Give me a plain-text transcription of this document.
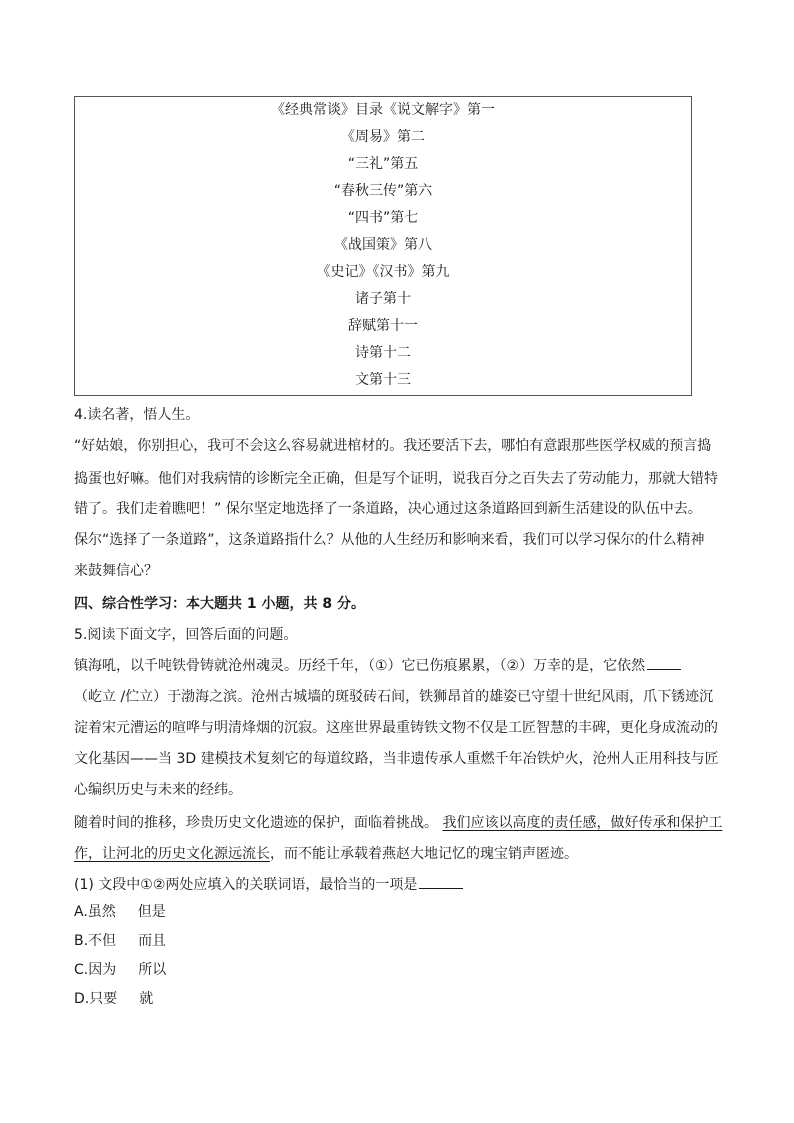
《经典常谈》目录《说文解字》第一
《周易》第二
“三礼”第五
“春秋三传”第六
“四书”第七
《战国策》第八
《史记》《汉书》第九
诸子第十
辞赋第十一
诗第十二
文第十三
4.读名著，悟人生。
“好姑娘，你别担心，我可不会这么容易就进棺材的。我还要活下去，哪怕有意跟那些医学权威的预言捣
捣蛋也好嘛。他们对我病情的诊断完全正确，但是写个证明，说我百分之百失去了劳动能力，那就大错特
错了。我们走着瞧吧！” 保尔坚定地选择了一条道路，决心通过这条道路回到新生活建设的队伍中去。
保尔“选择了一条道路”，这条道路指什么？从他的人生经历和影响来看，我们可以学习保尔的什么精神
来鼓舞信心？
四、综合性学习：本大题共 1 小题，共 8 分。
5.阅读下面文字，回答后面的问题。
镇海吼，以千吨铁骨铸就沧州魂灵。历经千年，（①）它已伤痕累累，（②）万幸的是，它依然
（屹立 /伫立）于渤海之滨。沧州古城墙的斑驳砖石间，铁狮昂首的雄姿已守望十世纪风雨，爪下锈迹沉
淀着宋元漕运的喧哗与明清烽烟的沉寂。这座世界最重铸铁文物不仅是工匠智慧的丰碑，更化身成流动的
文化基因——当 3D 建模技术复刻它的每道纹路，当非遗传承人重燃千年冶铁炉火，沧州人正用科技与匠
心编织历史与未来的经纬。
随着时间的推移，珍贵历史文化遗迹的保护，面临着挑战。 我们应该以高度的责任感，做好传承和保护工
作，让河北的历史文化源远流长，而不能让承载着燕赵大地记忆的瑰宝销声匿迹。
(1) 文段中①②两处应填入的关联词语，最恰当的一项是
A.虽然 但是
B.不但 而且
C.因为 所以
D.只要 就
